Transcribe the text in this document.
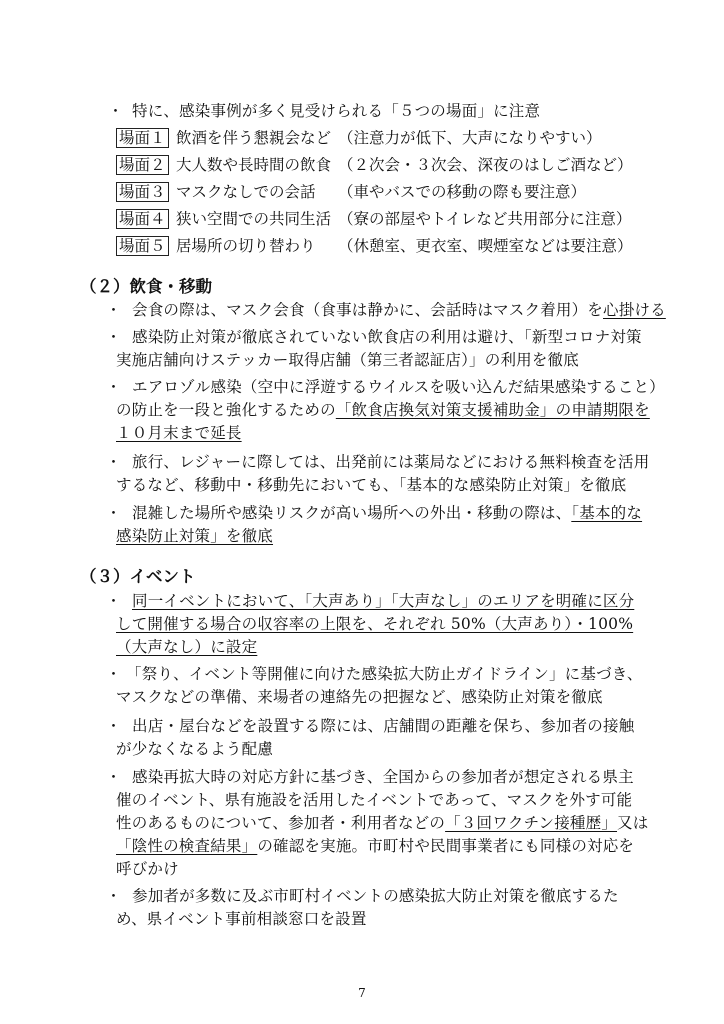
・ 特に、感染事例が多く見受けられる「５つの場面」に注意
場面１ 飲酒を伴う懇親会など （注意力が低下、大声になりやすい）
場面２ 大人数や長時間の飲食 （２次会・３次会、深夜のはしご酒など）
場面３ マスクなしでの会話 （車やバスでの移動の際も要注意）
場面４ 狭い空間での共同生活 （寮の部屋やトイレなど共用部分に注意）
場面５ 居場所の切り替わり （休憩室、更衣室、喫煙室などは要注意）
（２）飲食・移動
・ 会食の際は、マスク会食（食事は静かに、会話時はマスク着用）を心掛ける
・ 感染防止対策が徹底されていない飲食店の利用は避け、「新型コロナ対策
実施店舗向けステッカー取得店舗（第三者認証店）」の利用を徹底
・ エアロゾル感染（空中に浮遊するウイルスを吸い込んだ結果感染すること）
の防止を一段と強化するための「飲食店換気対策支援補助金」の申請期限を
１０月末まで延長
・ 旅行、レジャーに際しては、出発前には薬局などにおける無料検査を活用
するなど、移動中・移動先においても、「基本的な感染防止対策」を徹底
・ 混雑した場所や感染リスクが高い場所への外出・移動の際は、「基本的な
感染防止対策」を徹底
（３）イベント
・ 同一イベントにおいて、「大声あり」「大声なし」のエリアを明確に区分
して開催する場合の収容率の上限を、それぞれ 50%（大声あり）・100%
（大声なし）に設定
・ 「祭り、イベント等開催に向けた感染拡大防止ガイドライン」に基づき、
マスクなどの準備、来場者の連絡先の把握など、感染防止対策を徹底
・ 出店・屋台などを設置する際には、店舗間の距離を保ち、参加者の接触
が少なくなるよう配慮
・ 感染再拡大時の対応方針に基づき、全国からの参加者が想定される県主
催のイベント、県有施設を活用したイベントであって、マスクを外す可能
性のあるものについて、参加者・利用者などの「３回ワクチン接種歴」又は
「陰性の検査結果」の確認を実施。市町村や民間事業者にも同様の対応を
呼びかけ
・ 参加者が多数に及ぶ市町村イベントの感染拡大防止対策を徹底するた
め、県イベント事前相談窓口を設置
7
